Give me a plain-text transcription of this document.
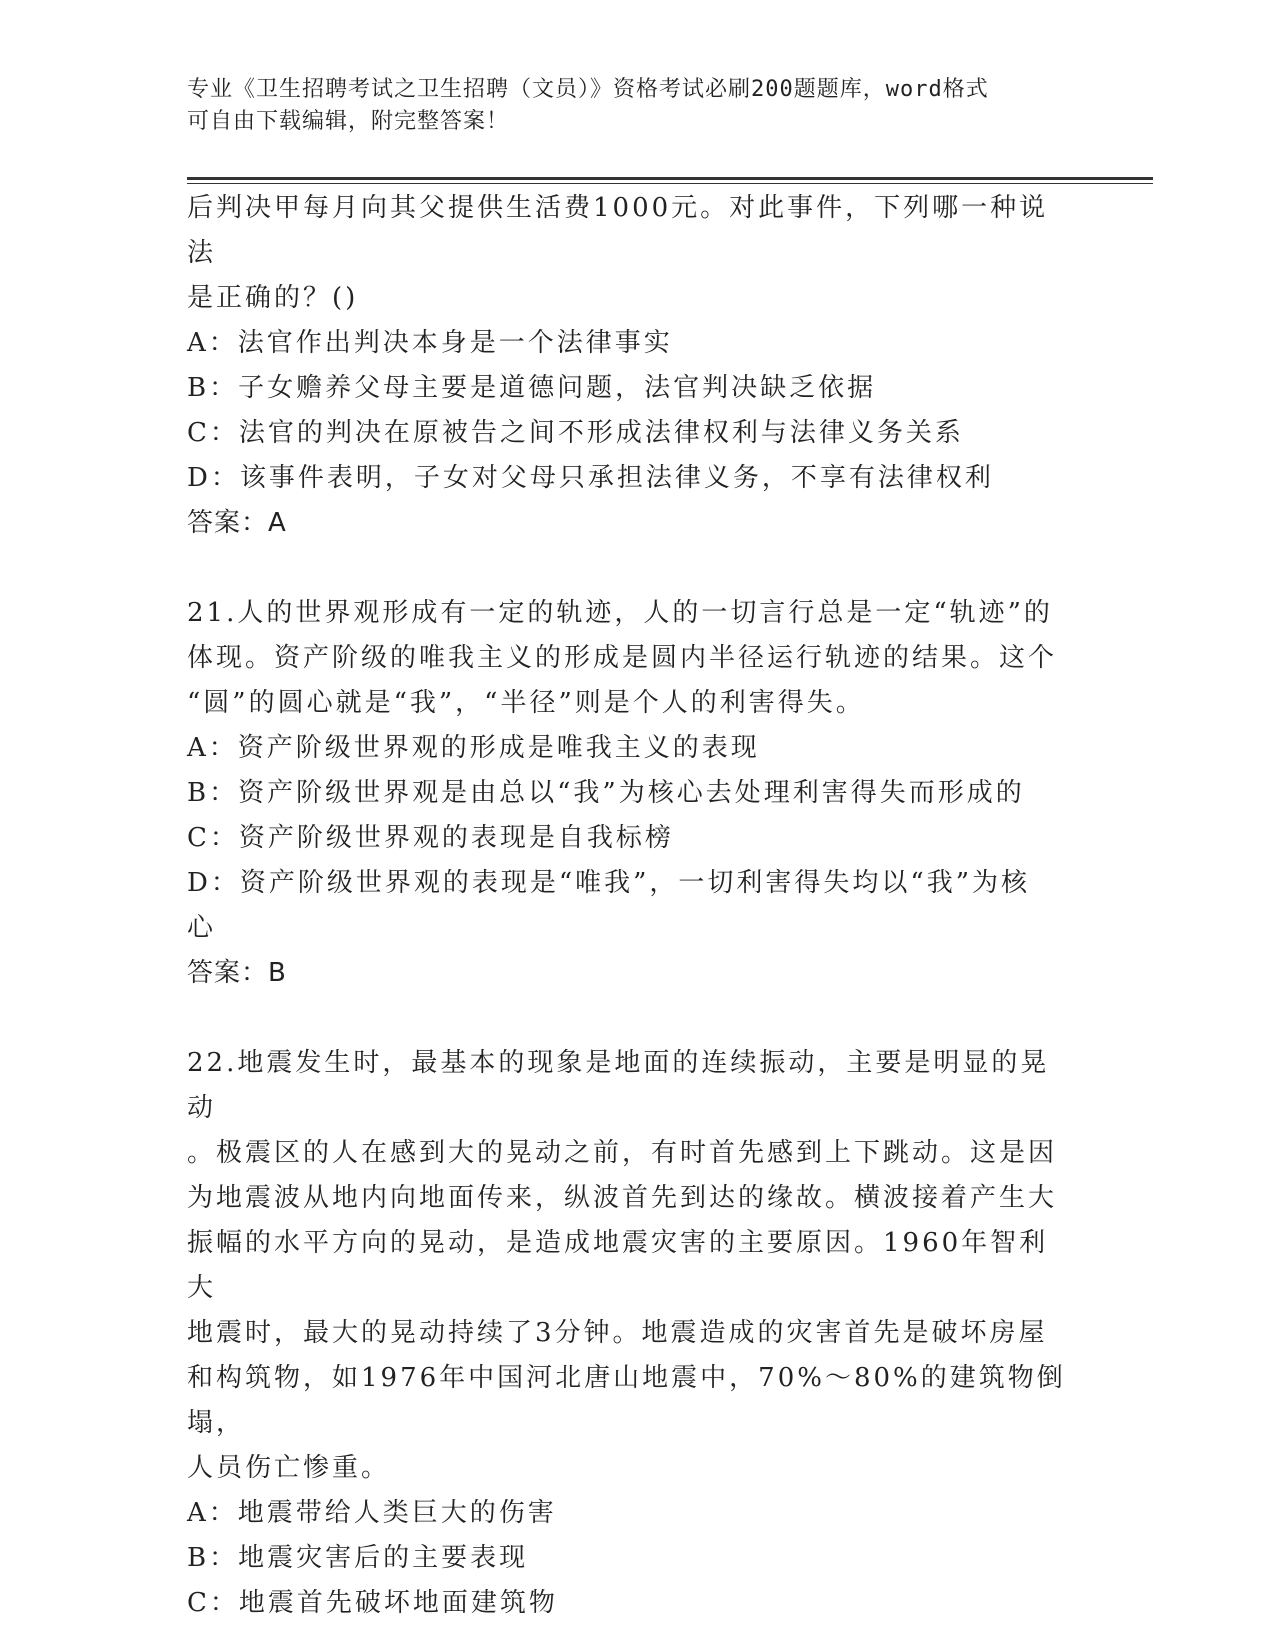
专业《卫生招聘考试之卫生招聘（文员）》资格考试必刷200题题库，word格式
可自由下载编辑，附完整答案！

后判决甲每月向其父提供生活费1000元。对此事件，下列哪一种说法

是正确的？()

A：法官作出判决本身是一个法律事实

B：子女赡养父母主要是道德问题，法官判决缺乏依据

C：法官的判决在原被告之间不形成法律权利与法律义务关系

D：该事件表明，子女对父母只承担法律义务，不享有法律权利

答案：A

21.人的世界观形成有一定的轨迹，人的一切言行总是一定“轨迹”的

体现。资产阶级的唯我主义的形成是圆内半径运行轨迹的结果。这个

“圆”的圆心就是“我”，“半径”则是个人的利害得失。

A：资产阶级世界观的形成是唯我主义的表现

B：资产阶级世界观是由总以“我”为核心去处理利害得失而形成的

C：资产阶级世界观的表现是自我标榜

D：资产阶级世界观的表现是“唯我”，一切利害得失均以“我”为核

心

答案：B

22.地震发生时，最基本的现象是地面的连续振动，主要是明显的晃动

。极震区的人在感到大的晃动之前，有时首先感到上下跳动。这是因

为地震波从地内向地面传来，纵波首先到达的缘故。横波接着产生大

振幅的水平方向的晃动，是造成地震灾害的主要原因。1960年智利大

地震时，最大的晃动持续了3分钟。地震造成的灾害首先是破坏房屋

和构筑物，如1976年中国河北唐山地震中，70%～80%的建筑物倒塌，

人员伤亡惨重。

A：地震带给人类巨大的伤害

B：地震灾害后的主要表现

C：地震首先破坏地面建筑物
